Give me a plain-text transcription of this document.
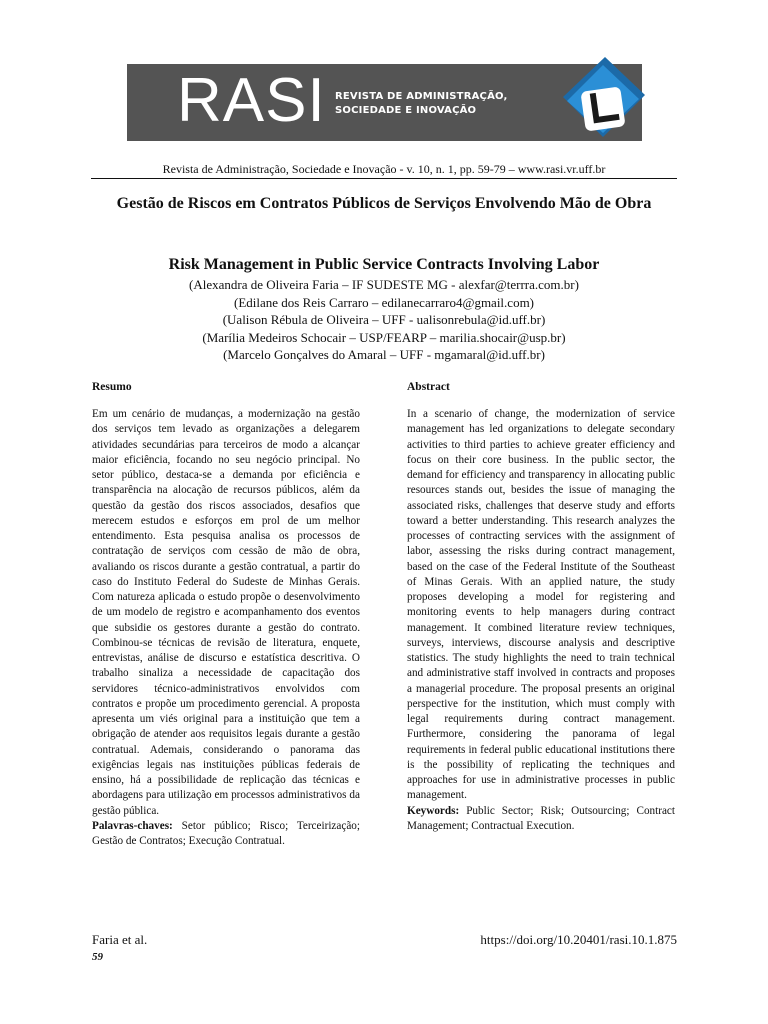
RASI REVISTA DE ADMINISTRAÇÃO,
SOCIEDADE E INOVAÇÃO
Revista de Administração, Sociedade e Inovação - v. 10, n. 1, pp. 59-79 – www.rasi.vr.uff.br
Gestão de Riscos em Contratos Públicos de Serviços Envolvendo Mão de Obra
Risk Management in Public Service Contracts Involving Labor
(Alexandra de Oliveira Faria – IF SUDESTE MG - alexfar@terrra.com.br)
(Edilane dos Reis Carraro – edilanecarraro4@gmail.com)
(Ualison Rébula de Oliveira – UFF - ualisonrebula@id.uff.br)
(Marília Medeiros Schocair – USP/FEARP – marilia.shocair@usp.br)
(Marcelo Gonçalves do Amaral – UFF - mgamaral@id.uff.br)
Resumo

Em um cenário de mudanças, a modernização na gestão dos serviços tem levado as organizações a delegarem atividades secundárias para terceiros de modo a alcançar maior eficiência, focando no seu negócio principal. No setor público, destaca-se a demanda por eficiência e transparência na alocação de recursos públicos, além da questão da gestão dos riscos associados, desafios que merecem estudos e esforços em prol de um melhor entendimento. Esta pesquisa analisa os processos de contratação de serviços com cessão de mão de obra, avaliando os riscos durante a gestão contratual, a partir do caso do Instituto Federal do Sudeste de Minhas Gerais. Com natureza aplicada o estudo propõe o desenvolvimento de um modelo de registro e acompanhamento dos eventos que subsidie os gestores durante a gestão do contrato. Combinou-se técnicas de revisão de literatura, enquete, entrevistas, análise de discurso e estatística descritiva. O trabalho sinaliza a necessidade de capacitação dos servidores técnico-administrativos envolvidos com contratos e propõe um procedimento gerencial. A proposta apresenta um viés original para a instituição que tem a obrigação de atender aos requisitos legais durante a gestão contratual. Ademais, considerando o panorama das exigências legais nas instituições públicas federais de ensino, há a possibilidade de replicação das técnicas e abordagens para utilização em processos administrativos da gestão pública.

Palavras-chaves: Setor público; Risco; Terceirização; Gestão de Contratos; Execução Contratual.

Abstract

In a scenario of change, the modernization of service management has led organizations to delegate secondary activities to third parties to achieve greater efficiency and focus on their core business. In the public sector, the demand for efficiency and transparency in allocating public resources stands out, besides the issue of managing the associated risks, challenges that deserve study and efforts toward a better understanding. This research analyzes the processes of contracting services with the assignment of labor, assessing the risks during contract management, based on the case of the Federal Institute of the Southeast of Minas Gerais. With an applied nature, the study proposes developing a model for registering and monitoring events to help managers during contract management. It combined literature review techniques, surveys, interviews, discourse analysis and descriptive statistics. The study highlights the need to train technical and administrative staff involved in contracts and proposes a managerial procedure. The proposal presents an original perspective for the institution, which must comply with legal requirements during contract management. Furthermore, considering the panorama of legal requirements in federal public educational institutions there is the possibility of replicating the techniques and approaches for use in administrative processes in public management.

Keywords: Public Sector; Risk; Outsourcing; Contract Management; Contractual Execution.

Faria et al.	https://doi.org/10.20401/rasi.10.1.875
59
